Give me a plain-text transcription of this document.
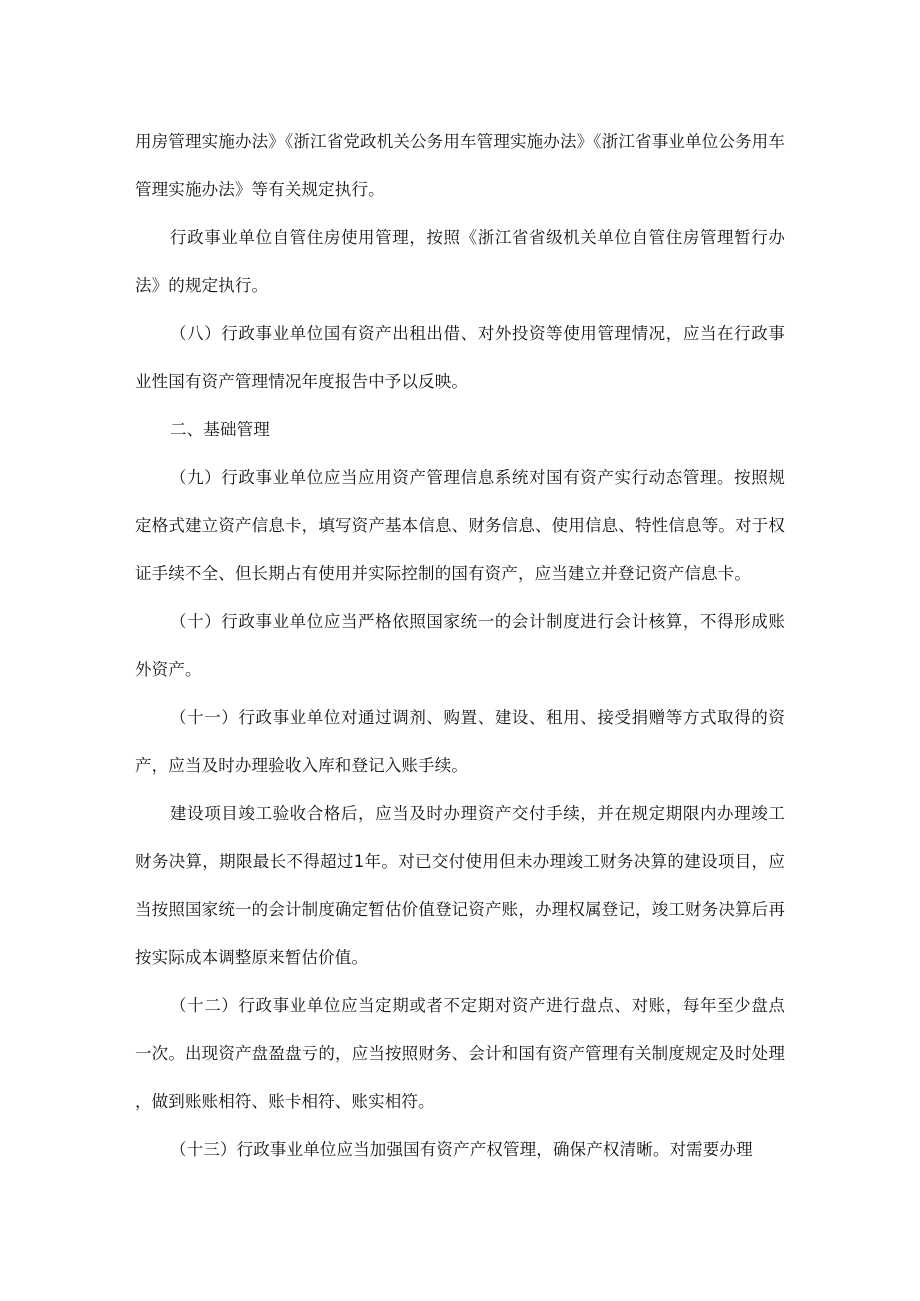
用房管理实施办法》《浙江省党政机关公务用车管理实施办法》《浙江省事业单位公务用车管理实施办法》等有关规定执行。

行政事业单位自管住房使用管理，按照《浙江省省级机关单位自管住房管理暂行办法》的规定执行。

（八）行政事业单位国有资产出租出借、对外投资等使用管理情况，应当在行政事业性国有资产管理情况年度报告中予以反映。

二、基础管理

（九）行政事业单位应当应用资产管理信息系统对国有资产实行动态管理。按照规定格式建立资产信息卡，填写资产基本信息、财务信息、使用信息、特性信息等。对于权证手续不全、但长期占有使用并实际控制的国有资产，应当建立并登记资产信息卡。

（十）行政事业单位应当严格依照国家统一的会计制度进行会计核算，不得形成账外资产。

（十一）行政事业单位对通过调剂、购置、建设、租用、接受捐赠等方式取得的资产，应当及时办理验收入库和登记入账手续。

建设项目竣工验收合格后，应当及时办理资产交付手续，并在规定期限内办理竣工财务决算，期限最长不得超过1年。对已交付使用但未办理竣工财务决算的建设项目，应当按照国家统一的会计制度确定暂估价值登记资产账，办理权属登记，竣工财务决算后再按实际成本调整原来暂估价值。

（十二）行政事业单位应当定期或者不定期对资产进行盘点、对账，每年至少盘点一次。出现资产盘盈盘亏的，应当按照财务、会计和国有资产管理有关制度规定及时处理，做到账账相符、账卡相符、账实相符。

（十三）行政事业单位应当加强国有资产产权管理，确保产权清晰。对需要办理
